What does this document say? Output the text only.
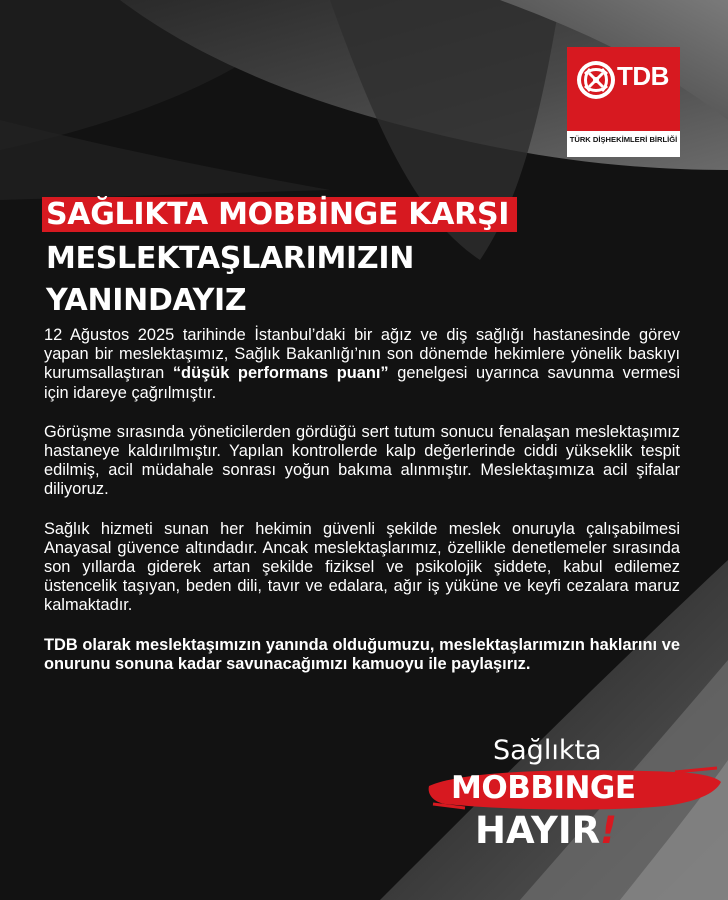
TDB
TÜRK DİŞHEKİMLERİ BİRLİĞİ
SAĞLIKTA MOBBİNGE KARŞI
MESLEKTAŞLARIMIZIN
YANINDAYIZ

12 Ağustos 2025 tarihinde İstanbul’daki bir ağız ve diş sağlığı hastanesinde görev yapan bir meslektaşımız, Sağlık Bakanlığı’nın son dönemde hekimlere yönelik baskıyı kurumsallaştıran “düşük performans puanı” genelgesi uyarınca savunma vermesi için idareye çağrılmıştır.

Görüşme sırasında yöneticilerden gördüğü sert tutum sonucu fenalaşan meslektaşımız hastaneye kaldırılmıştır. Yapılan kontrollerde kalp değerlerinde ciddi yükseklik tespit edilmiş, acil müdahale sonrası yoğun bakıma alınmıştır. Meslektaşımıza acil şifalar diliyoruz.

Sağlık hizmeti sunan her hekimin güvenli şekilde meslek onuruyla çalışabilmesi Anayasal güvence altındadır. Ancak meslektaşlarımız, özellikle denetlemeler sırasında son yıllarda giderek artan şekilde fiziksel ve psikolojik şiddete, kabul edilemez üstencelik taşıyan, beden dili, tavır ve edalara, ağır iş yüküne ve keyfi cezalara maruz kalmaktadır.

TDB olarak meslektaşımızın yanında olduğumuzu, meslektaşlarımızın haklarını ve onurunu sonuna kadar savunacağımızı kamuoyu ile paylaşırız.

Sağlıkta
MOBBINGE
HAYIR!
